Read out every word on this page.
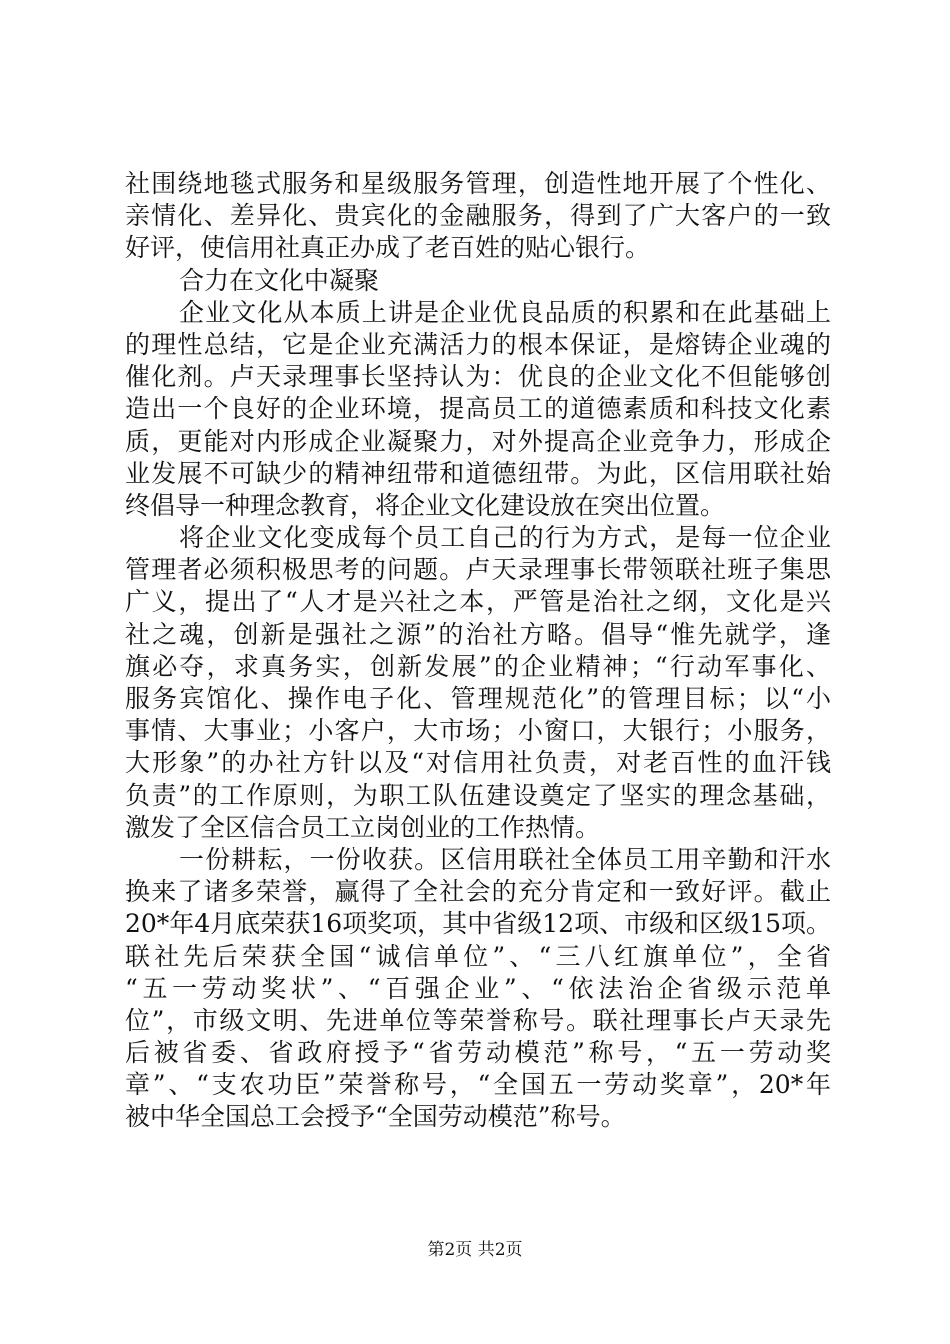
社围绕地毯式服务和星级服务管理，创造性地开展了个性化、
亲情化、差异化、贵宾化的金融服务，得到了广大客户的一致
好评，使信用社真正办成了老百姓的贴心银行。
合力在文化中凝聚
企业文化从本质上讲是企业优良品质的积累和在此基础上
的理性总结，它是企业充满活力的根本保证，是熔铸企业魂的
催化剂。卢天录理事长坚持认为：优良的企业文化不但能够创
造出一个良好的企业环境，提高员工的道德素质和科技文化素
质，更能对内形成企业凝聚力，对外提高企业竞争力，形成企
业发展不可缺少的精神纽带和道德纽带。为此，区信用联社始
终倡导一种理念教育，将企业文化建设放在突出位置。
将企业文化变成每个员工自己的行为方式，是每一位企业
管理者必须积极思考的问题。卢天录理事长带领联社班子集思
广义，提出了“人才是兴社之本，严管是治社之纲，文化是兴
社之魂，创新是强社之源”的治社方略。倡导“惟先就学，逢
旗必夺，求真务实，创新发展”的企业精神；“行动军事化、
服务宾馆化、操作电子化、管理规范化”的管理目标；以“小
事情、大事业；小客户，大市场；小窗口，大银行；小服务，
大形象”的办社方针以及“对信用社负责，对老百性的血汗钱
负责”的工作原则，为职工队伍建设奠定了坚实的理念基础，
激发了全区信合员工立岗创业的工作热情。
一份耕耘，一份收获。区信用联社全体员工用辛勤和汗水
换来了诸多荣誉，赢得了全社会的充分肯定和一致好评。截止
20*年4月底荣获16项奖项，其中省级12项、市级和区级15项。
联社先后荣获全国“诚信单位”、“三八红旗单位”，全省
“五一劳动奖状”、“百强企业”、“依法治企省级示范单
位”，市级文明、先进单位等荣誉称号。联社理事长卢天录先
后被省委、省政府授予“省劳动模范”称号，“五一劳动奖
章”、“支农功臣”荣誉称号，“全国五一劳动奖章”，20*年
被中华全国总工会授予“全国劳动模范”称号。
第2页 共2页
